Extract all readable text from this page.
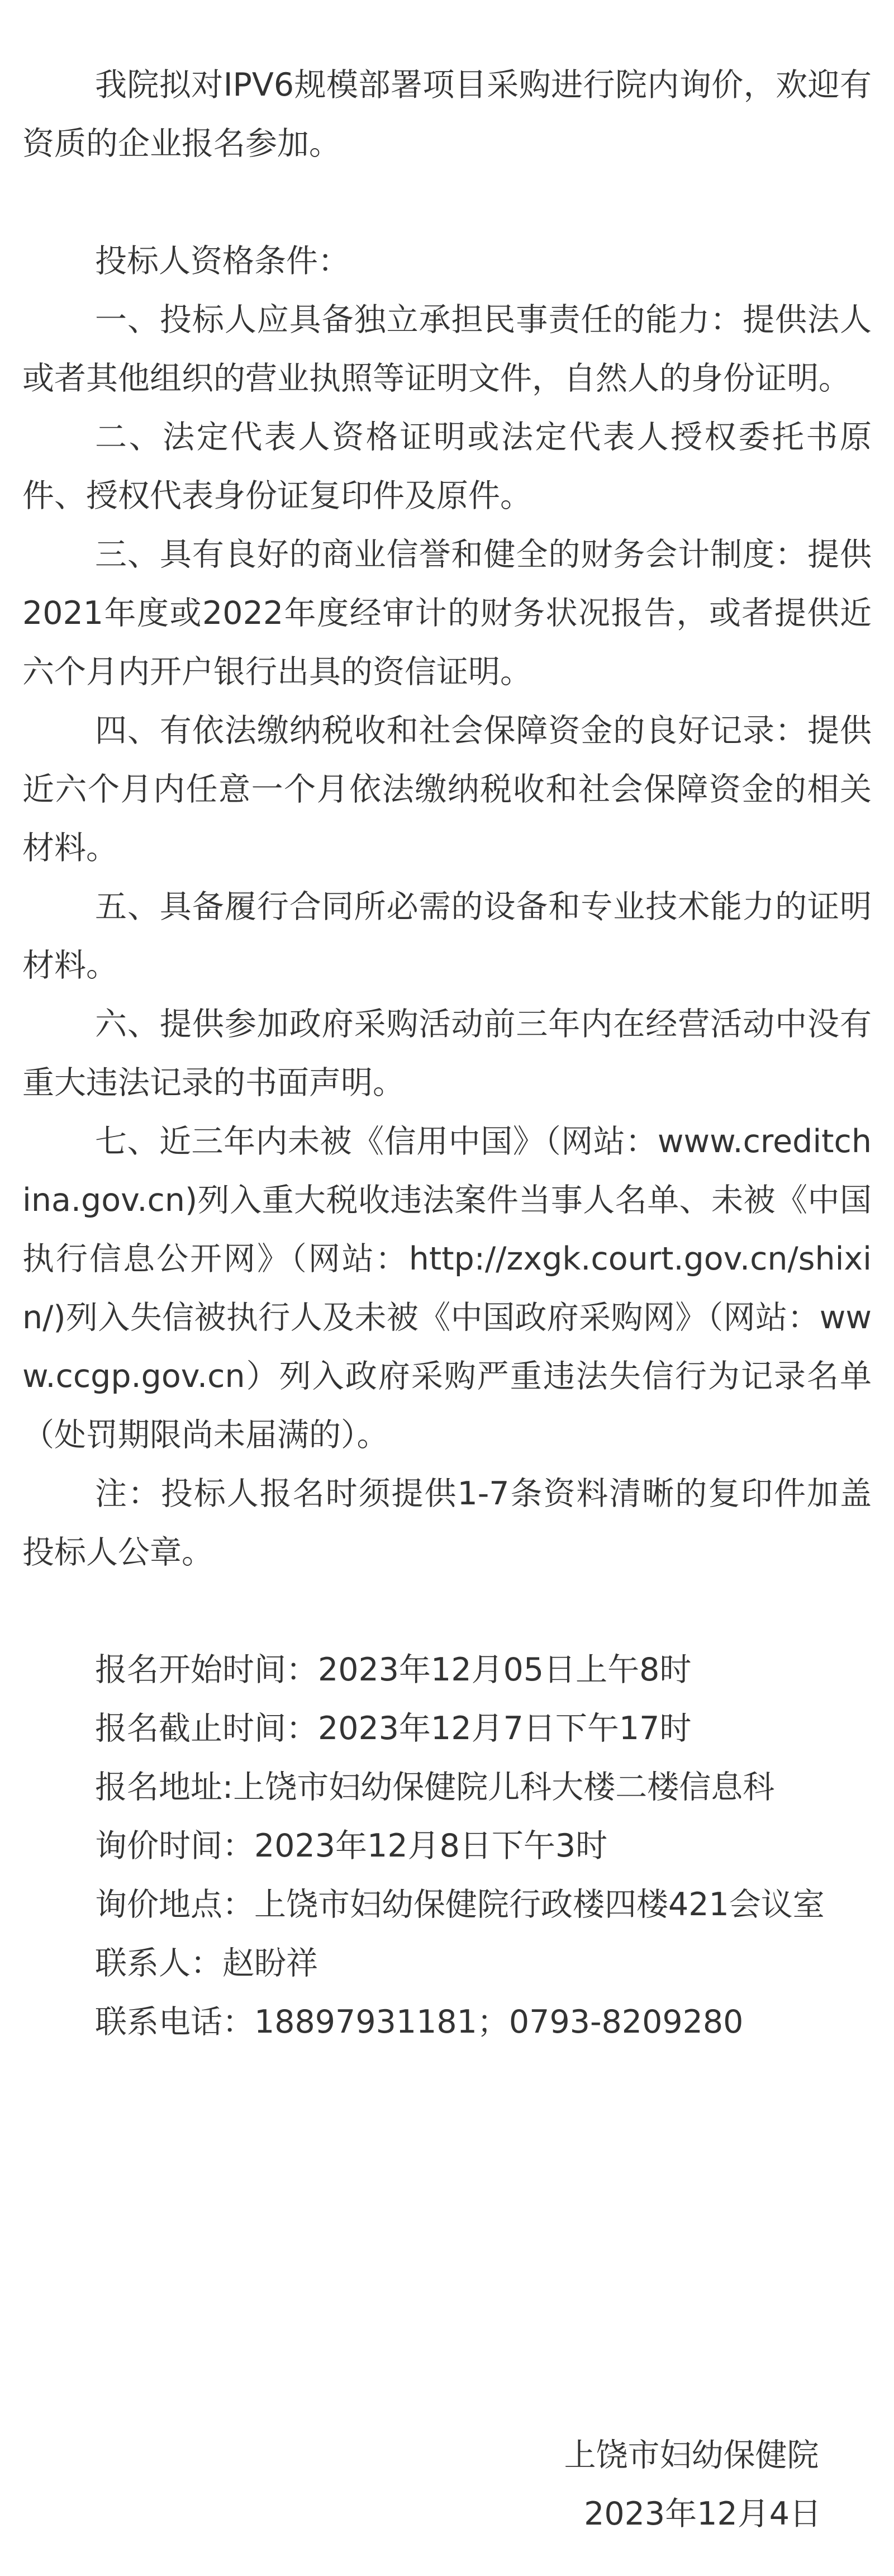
我院拟对IPV6规模部署项目采购进行院内询价，欢迎有资质的企业报名参加。

投标人资格条件：

一、投标人应具备独立承担民事责任的能力：提供法人或者其他组织的营业执照等证明文件，自然人的身份证明。

二、法定代表人资格证明或法定代表人授权委托书原件、授权代表身份证复印件及原件。

三、具有良好的商业信誉和健全的财务会计制度：提供2021年度或2022年度经审计的财务状况报告，或者提供近六个月内开户银行出具的资信证明。

四、有依法缴纳税收和社会保障资金的良好记录：提供近六个月内任意一个月依法缴纳税收和社会保障资金的相关材料。

五、具备履行合同所必需的设备和专业技术能力的证明材料。

六、提供参加政府采购活动前三年内在经营活动中没有重大违法记录的书面声明。

七、近三年内未被《信用中国》（网站：www.creditchina.gov.cn)列入重大税收违法案件当事人名单、未被《中国执行信息公开网》（网站：http://zxgk.court.gov.cn/shixin/)列入失信被执行人及未被《中国政府采购网》（网站：www.ccgp.gov.cn）列入政府采购严重违法失信行为记录名单（处罚期限尚未届满的）。

注：投标人报名时须提供1-7条资料清晰的复印件加盖投标人公章。

报名开始时间：2023年12月05日上午8时

报名截止时间：2023年12月7日下午17时

报名地址:上饶市妇幼保健院儿科大楼二楼信息科

询价时间：2023年12月8日下午3时

询价地点：上饶市妇幼保健院行政楼四楼421会议室

联系人：赵盼祥

联系电话：18897931181；0793-8209280

上饶市妇幼保健院
2023年12月4日
